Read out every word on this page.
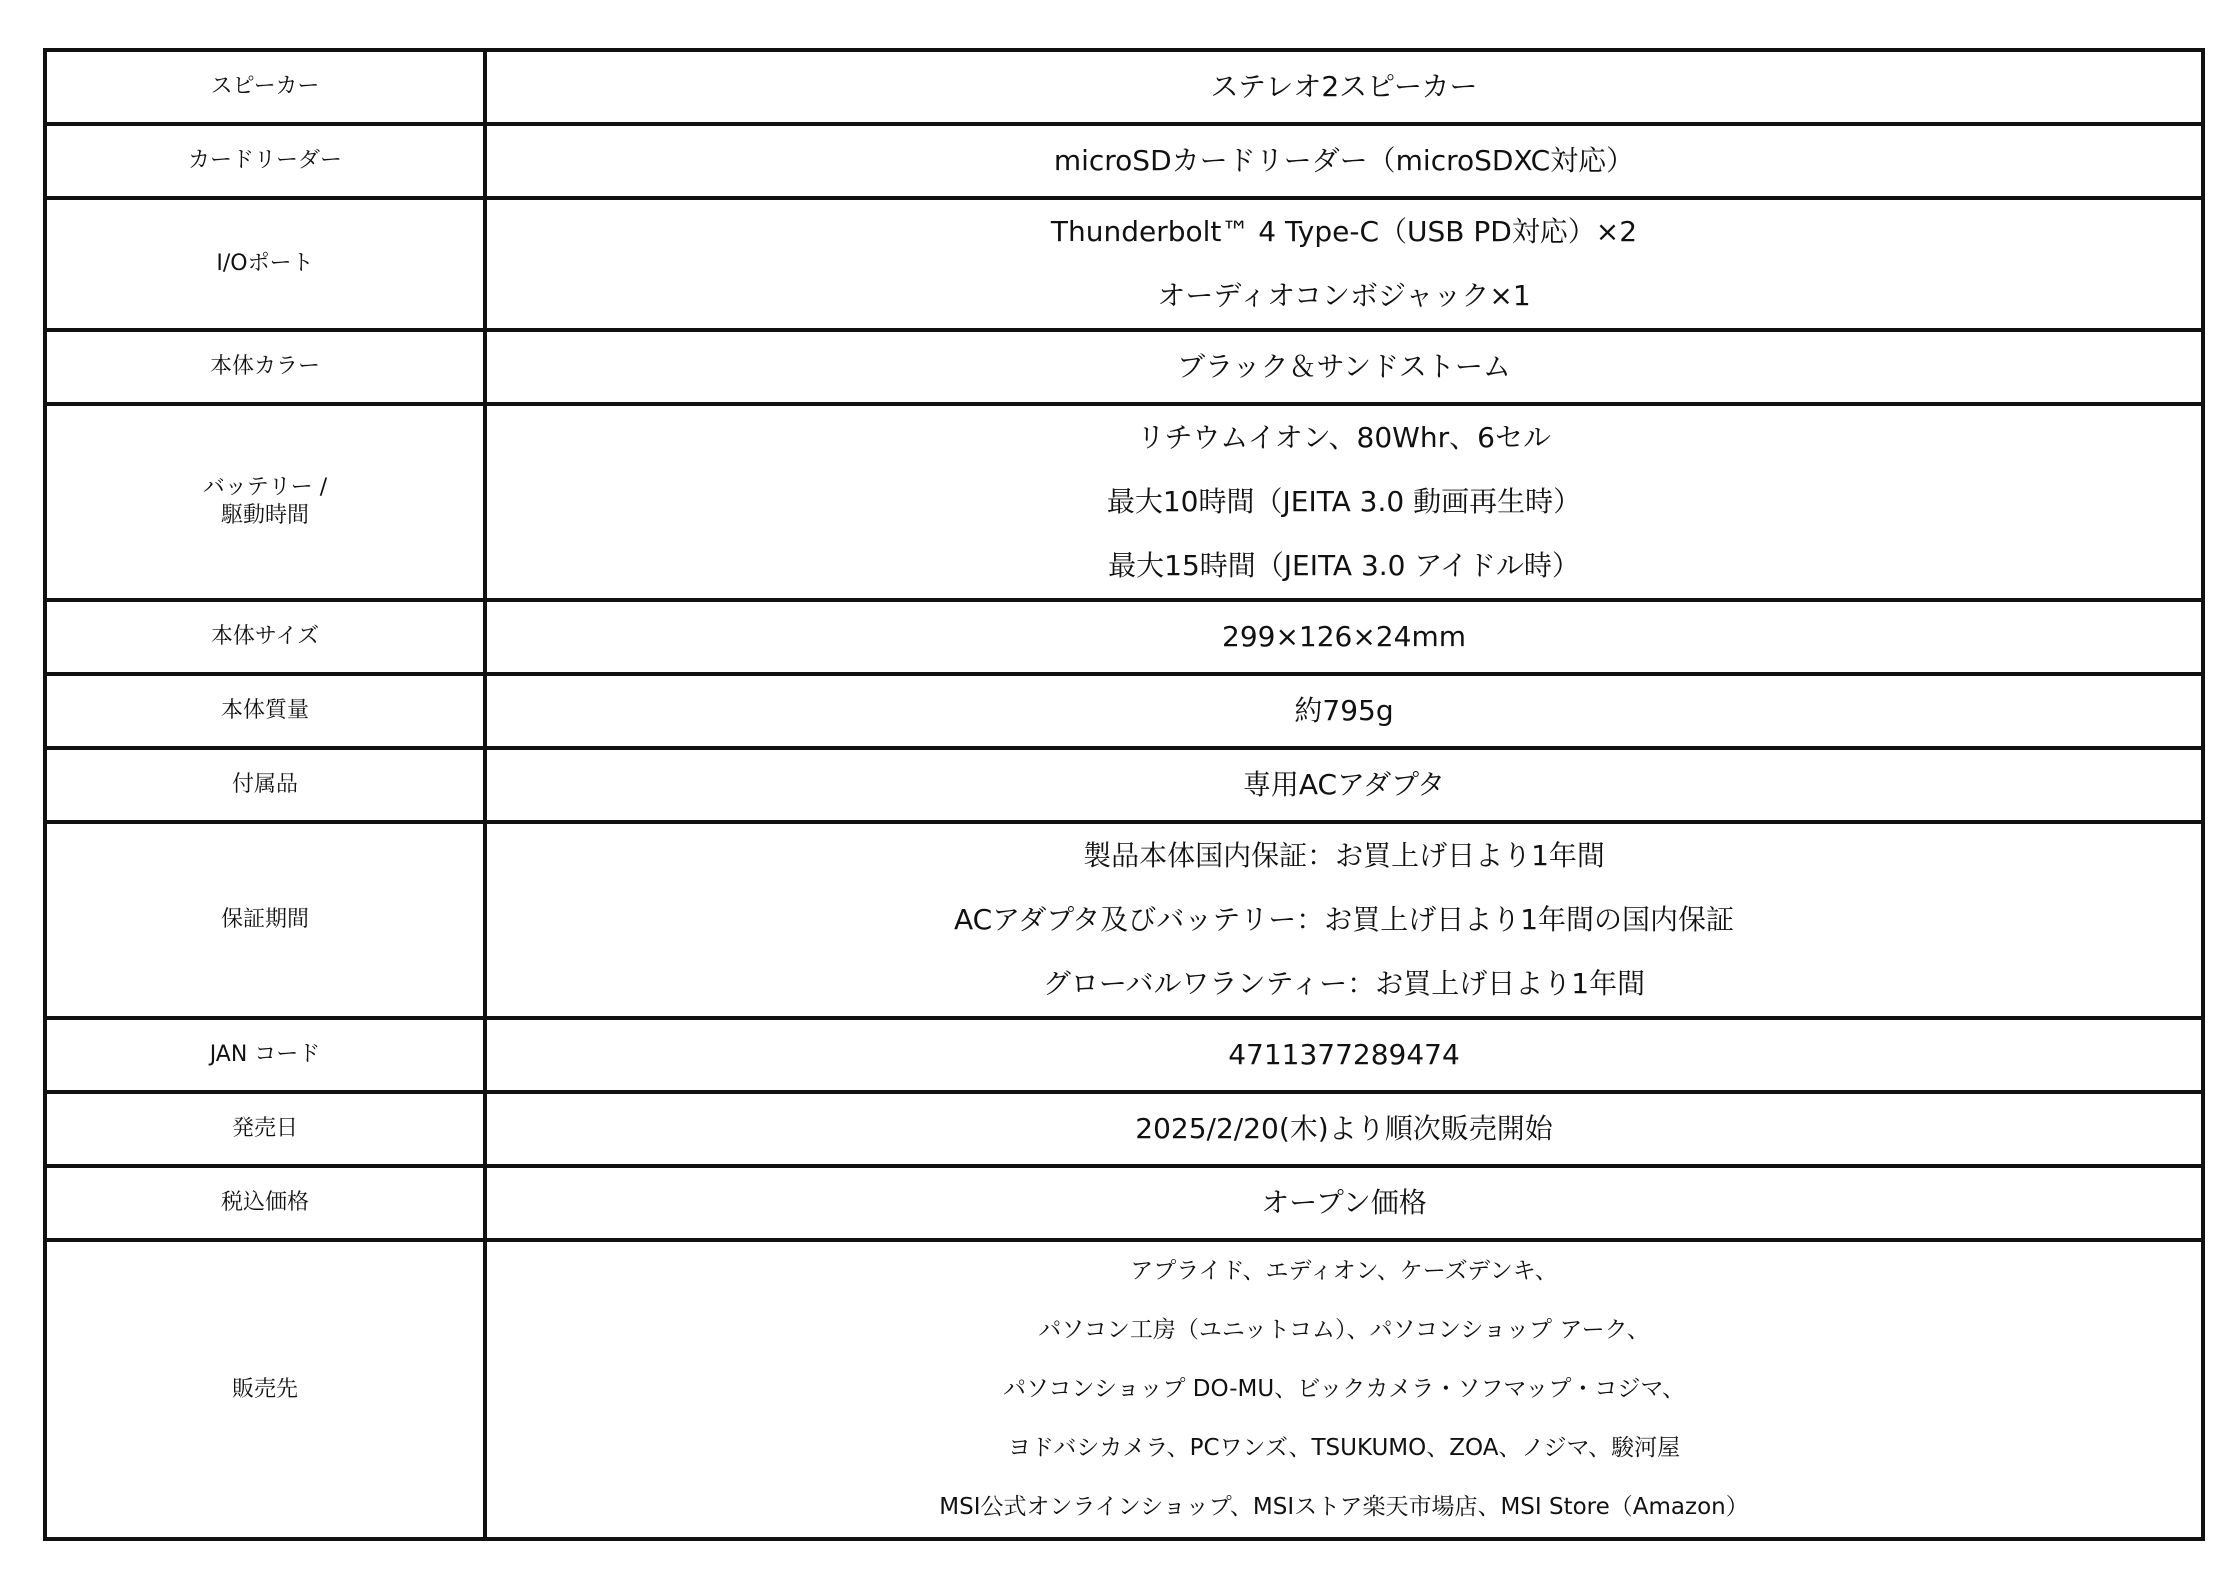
スピーカー	ステレオ2スピーカー

カードリーダー	microSDカードリーダー（microSDXC対応）

I/Oポート	Thunderbolt™ 4 Type-C（USB PD対応）×2
オーディオコンボジャック×1

本体カラー	ブラック＆サンドストーム

バッテリー /
駆動時間	リチウムイオン、80Whr、6セル
最大10時間（JEITA 3.0 動画再生時）
最大15時間（JEITA 3.0 アイドル時）

本体サイズ	299×126×24mm

本体質量	約795g

付属品	専用ACアダプタ

保証期間	製品本体国内保証：お買上げ日より1年間
ACアダプタ及びバッテリー：お買上げ日より1年間の国内保証
グローバルワランティー：お買上げ日より1年間

JAN コード	4711377289474

発売日	2025/2/20(木)より順次販売開始

税込価格	オープン価格

販売先	アプライド、エディオン、ケーズデンキ、
パソコン工房（ユニットコム）、パソコンショップ アーク、
パソコンショップ DO-MU、ビックカメラ・ソフマップ・コジマ、
ヨドバシカメラ、PCワンズ、TSUKUMO、ZOA、ノジマ、駿河屋
MSI公式オンラインショップ、MSIストア楽天市場店、MSI Store（Amazon）
